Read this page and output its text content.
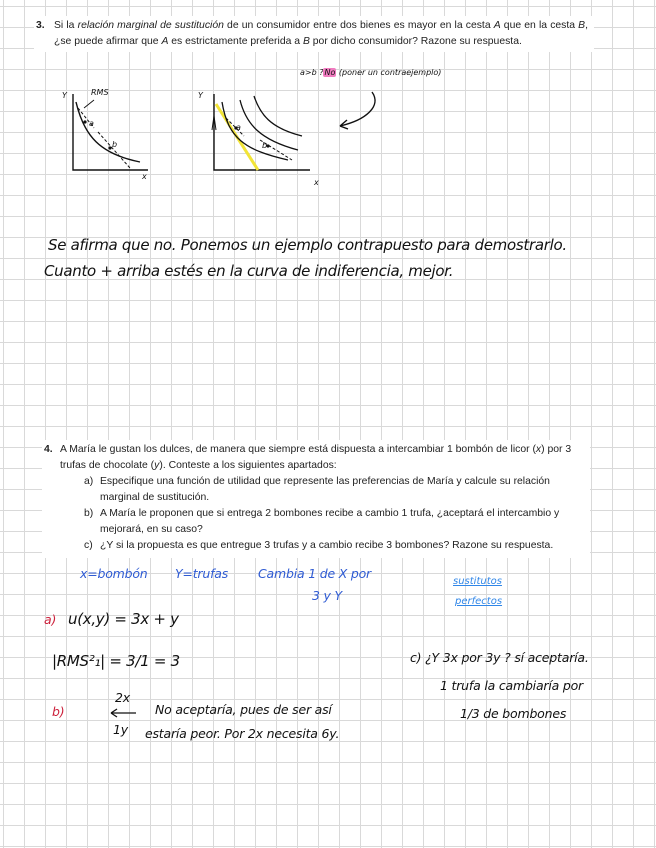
3. Si la relación marginal de sustitución de un consumidor entre dos bienes es mayor en la cesta A que en la cesta B, ¿se puede afirmar que A es estrictamente preferida a B por dicho consumidor? Razone su respuesta.
a>b ?No (poner un contraejemplo)
Y	RMS
a
b
x
Y
a
b
x
Se afirma que no. Ponemos un ejemplo contrapuesto para demostrarlo.
Cuanto + arriba estés en la curva de indiferencia, mejor.
4. A María le gustan los dulces, de manera que siempre está dispuesta a intercambiar 1 bombón de licor (x) por 3 trufas de chocolate (y). Conteste a los siguientes apartados:
a) Especifique una función de utilidad que represente las preferencias de María y calcule su relación marginal de sustitución.
b) A María le proponen que si entrega 2 bombones recibe a cambio 1 trufa, ¿aceptará el intercambio y mejorará, en su caso?
c) ¿Y si la propuesta es que entregue 3 trufas y a cambio recibe 3 bombones? Razone su respuesta.
x=bombón Y=trufas Cambia 1 de X por
3 y Y
sustitutos
perfectos
a) u(x,y) = 3x + y
|RMS²₁| = 3/1 = 3	c) ¿Y 3x por 3y ? sí aceptaría.
1 trufa la cambiaría por
1/3 de bombones
b)
2x
1y
No aceptaría, pues de ser así
estaría peor. Por 2x necesita 6y.
